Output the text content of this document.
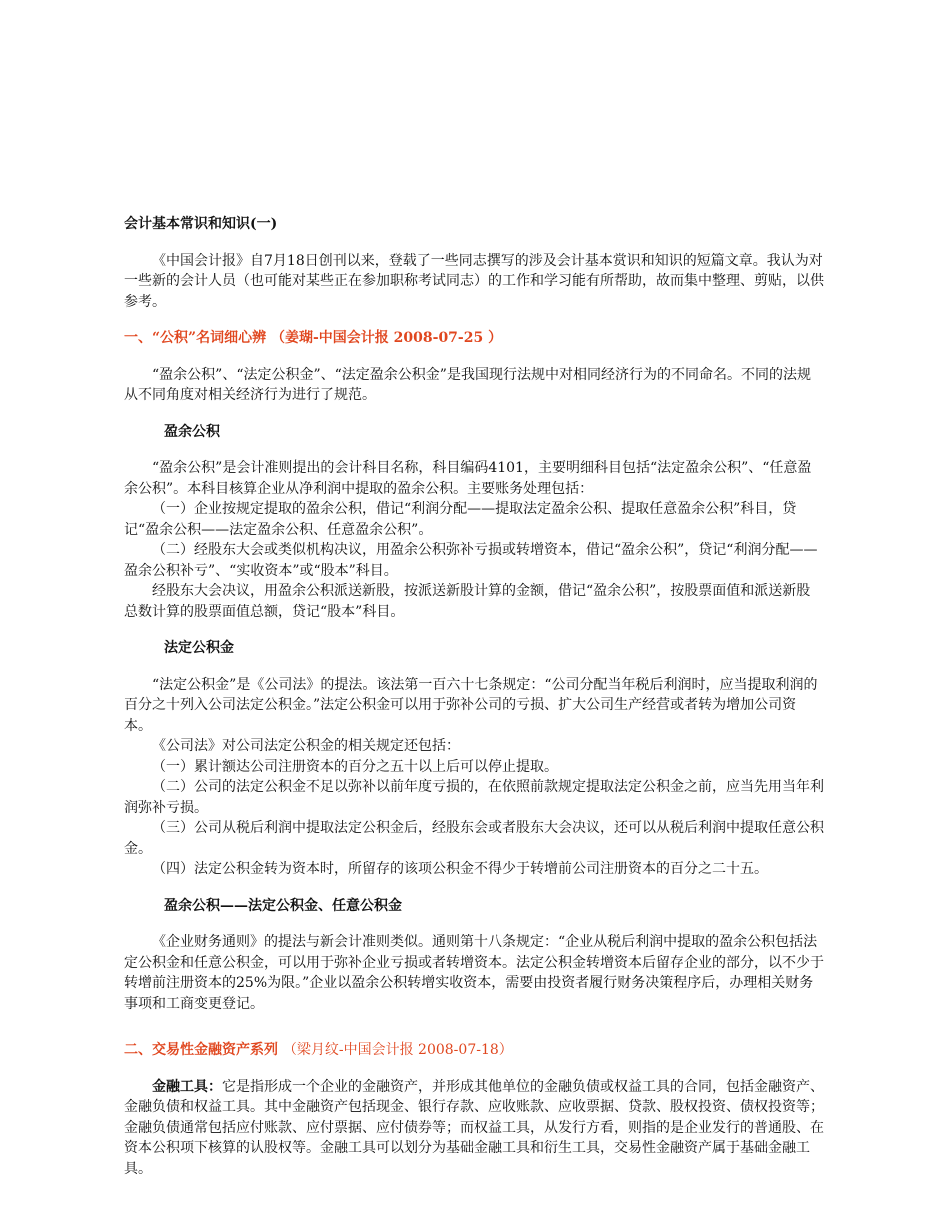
会计基本常识和知识(一)

《中国会计报》自7月18日创刊以来，登载了一些同志撰写的涉及会计基本赏识和知识的短篇文章。我认为对一些新的会计人员（也可能对某些正在参加职称考试同志）的工作和学习能有所帮助，故而集中整理、剪贴，以供参考。

一、“公积”名词细心辨 （姜瑚-中国会计报 2008-07-25 ）

“盈余公积”、“法定公积金”、“法定盈余公积金”是我国现行法规中对相同经济行为的不同命名。不同的法规从不同角度对相关经济行为进行了规范。

盈余公积

“盈余公积”是会计准则提出的会计科目名称，科目编码4101，主要明细科目包括“法定盈余公积”、“任意盈余公积”。本科目核算企业从净利润中提取的盈余公积。主要账务处理包括：

（一）企业按规定提取的盈余公积，借记“利润分配——提取法定盈余公积、提取任意盈余公积”科目，贷记“盈余公积——法定盈余公积、任意盈余公积”。

（二）经股东大会或类似机构决议，用盈余公积弥补亏损或转增资本，借记“盈余公积”，贷记“利润分配——盈余公积补亏”、“实收资本”或“股本”科目。

经股东大会决议，用盈余公积派送新股，按派送新股计算的金额，借记“盈余公积”，按股票面值和派送新股总数计算的股票面值总额，贷记“股本”科目。

法定公积金

“法定公积金”是《公司法》的提法。该法第一百六十七条规定：“公司分配当年税后利润时，应当提取利润的百分之十列入公司法定公积金。”法定公积金可以用于弥补公司的亏损、扩大公司生产经营或者转为增加公司资本。

《公司法》对公司法定公积金的相关规定还包括：

（一）累计额达公司注册资本的百分之五十以上后可以停止提取。

（二）公司的法定公积金不足以弥补以前年度亏损的，在依照前款规定提取法定公积金之前，应当先用当年利润弥补亏损。

（三）公司从税后利润中提取法定公积金后，经股东会或者股东大会决议，还可以从税后利润中提取任意公积金。

（四）法定公积金转为资本时，所留存的该项公积金不得少于转增前公司注册资本的百分之二十五。

盈余公积——法定公积金、任意公积金

《企业财务通则》的提法与新会计准则类似。通则第十八条规定：“企业从税后利润中提取的盈余公积包括法定公积金和任意公积金，可以用于弥补企业亏损或者转增资本。法定公积金转增资本后留存企业的部分，以不少于转增前注册资本的25%为限。”企业以盈余公积转增实收资本，需要由投资者履行财务决策程序后，办理相关财务事项和工商变更登记。

二、交易性金融资产系列 （梁月纹-中国会计报 2008-07-18）

金融工具：它是指形成一个企业的金融资产，并形成其他单位的金融负债或权益工具的合同，包括金融资产、金融负债和权益工具。其中金融资产包括现金、银行存款、应收账款、应收票据、贷款、股权投资、债权投资等；金融负债通常包括应付账款、应付票据、应付债券等；而权益工具，从发行方看，则指的是企业发行的普通股、在资本公积项下核算的认股权等。金融工具可以划分为基础金融工具和衍生工具，交易性金融资产属于基础金融工具。
